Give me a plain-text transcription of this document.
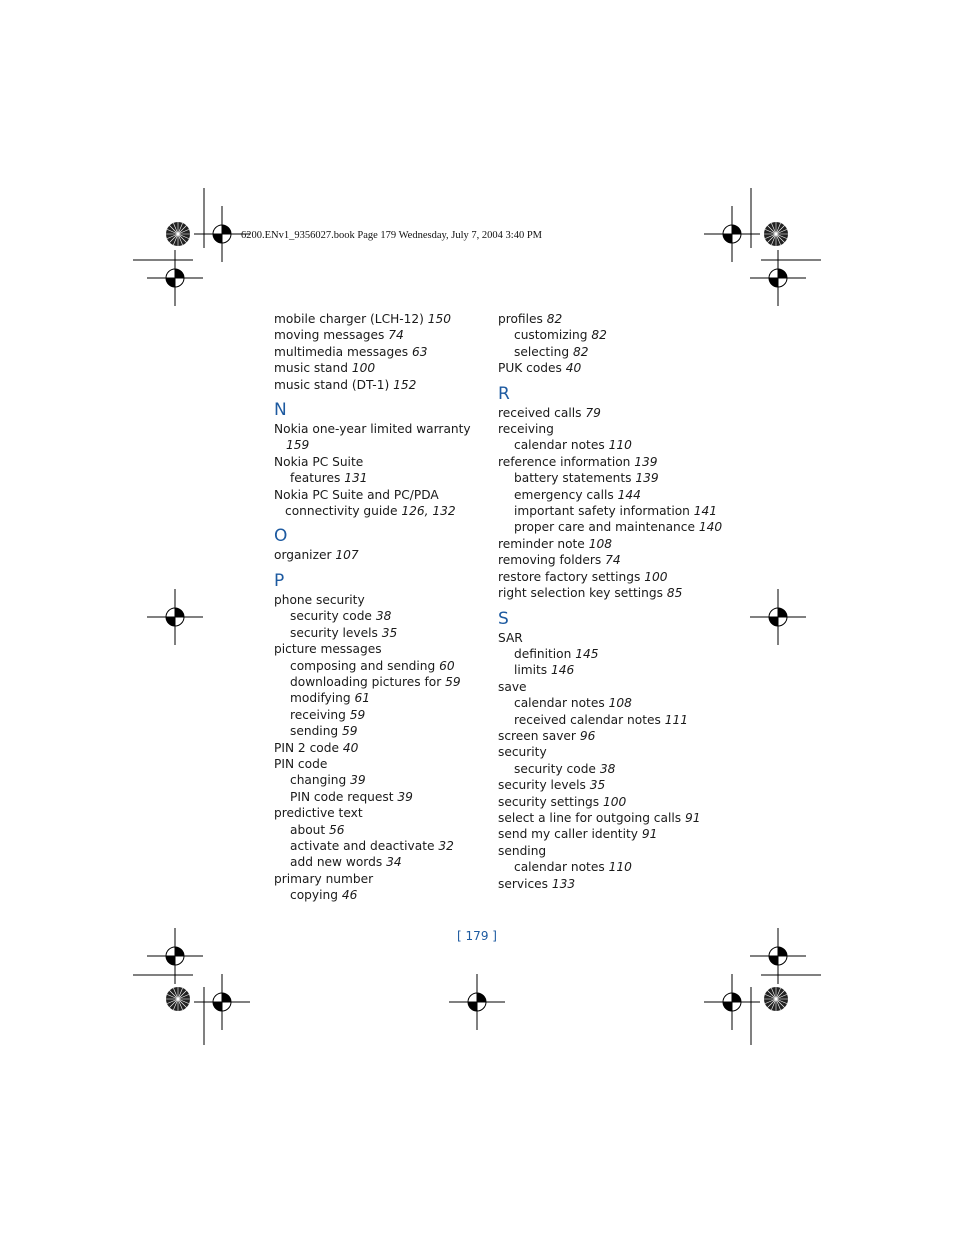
6200.ENv1_9356027.book Page 179 Wednesday, July 7, 2004 3:40 PM
mobile charger (LCH-12) 150
moving messages 74
multimedia messages 63
music stand 100
music stand (DT-1) 152
N
Nokia one-year limited warranty
159
Nokia PC Suite
features 131
Nokia PC Suite and PC/PDA
connectivity guide 126, 132
O
organizer 107
P
phone security
security code 38
security levels 35
picture messages
composing and sending 60
downloading pictures for 59
modifying 61
receiving 59
sending 59
PIN 2 code 40
PIN code
changing 39
PIN code request 39
predictive text
about 56
activate and deactivate 32
add new words 34
primary number
copying 46
profiles 82
customizing 82
selecting 82
PUK codes 40
R
received calls 79
receiving
calendar notes 110
reference information 139
battery statements 139
emergency calls 144
important safety information 141
proper care and maintenance 140
reminder note 108
removing folders 74
restore factory settings 100
right selection key settings 85
S
SAR
definition 145
limits 146
save
calendar notes 108
received calendar notes 111
screen saver 96
security
security code 38
security levels 35
security settings 100
select a line for outgoing calls 91
send my caller identity 91
sending
calendar notes 110
services 133
[ 179 ]
